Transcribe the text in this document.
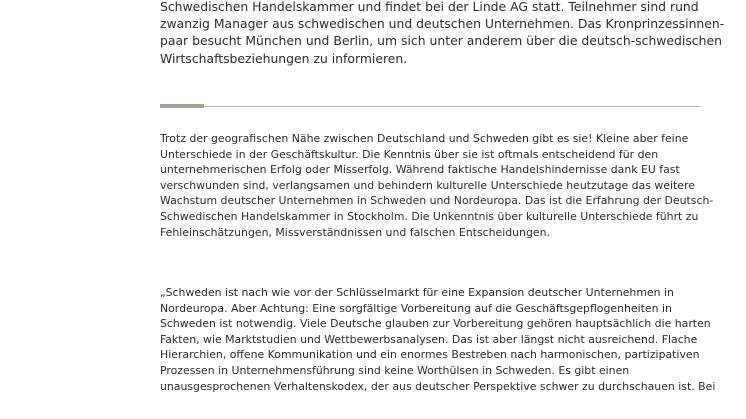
Schwedischen Handelskammer und findet bei der Linde AG statt. Teilnehmer sind rund

zwanzig Manager aus schwedischen und deutschen Unternehmen. Das Kronprinzessinnen-

paar besucht München und Berlin, um sich unter anderem über die deutsch-schwedischen

Wirtschaftsbeziehungen zu informieren.

Trotz der geografischen Nähe zwischen Deutschland und Schweden gibt es sie! Kleine aber feine

Unterschiede in der Geschäftskultur. Die Kenntnis über sie ist oftmals entscheidend für den

unternehmerischen Erfolg oder Misserfolg. Während faktische Handelshindernisse dank EU fast

verschwunden sind, verlangsamen und behindern kulturelle Unterschiede heutzutage das weitere

Wachstum deutscher Unternehmen in Schweden und Nordeuropa. Das ist die Erfahrung der Deutsch-

Schwedischen Handelskammer in Stockholm. Die Unkenntnis über kulturelle Unterschiede führt zu

Fehleinschätzungen, Missverständnissen und falschen Entscheidungen.

„Schweden ist nach wie vor der Schlüsselmarkt für eine Expansion deutscher Unternehmen in

Nordeuropa. Aber Achtung: Eine sorgfältige Vorbereitung auf die Geschäftsgepflogenheiten in

Schweden ist notwendig. Viele Deutsche glauben zur Vorbereitung gehören hauptsächlich die harten

Fakten, wie Marktstudien und Wettbewerbsanalysen. Das ist aber längst nicht ausreichend. Flache

Hierarchien, offene Kommunikation und ein enormes Bestreben nach harmonischen, partizipativen

Prozessen in Unternehmensführung sind keine Worthülsen in Schweden. Es gibt einen

unausgesprochenen Verhaltenskodex, der aus deutscher Perspektive schwer zu durchschauen ist. Bei
